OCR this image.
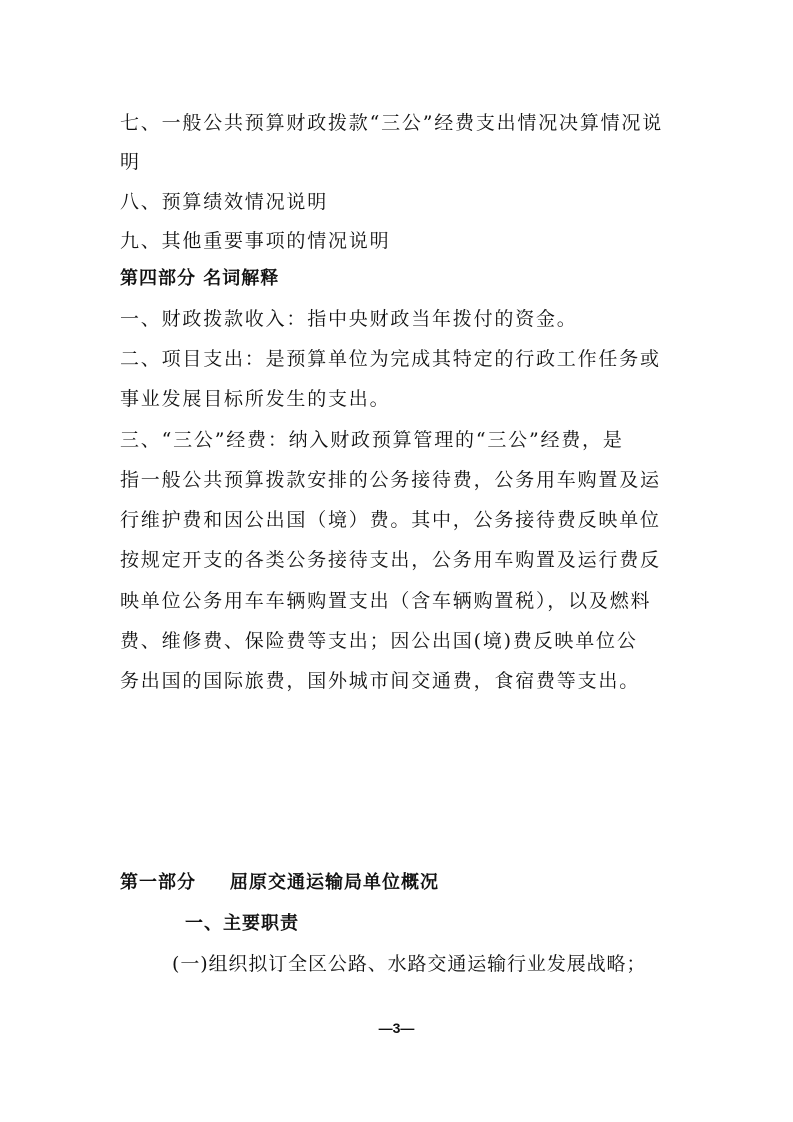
七、一般公共预算财政拨款“三公”经费支出情况决算情况说
明
八、预算绩效情况说明
九、其他重要事项的情况说明
第四部分 名词解释
一、财政拨款收入：指中央财政当年拨付的资金。
二、项目支出：是预算单位为完成其特定的行政工作任务或
事业发展目标所发生的支出。
三、“三公”经费：纳入财政预算管理的“三公”经费，是
指一般公共预算拨款安排的公务接待费，公务用车购置及运
行维护费和因公出国（境）费。其中，公务接待费反映单位
按规定开支的各类公务接待支出，公务用车购置及运行费反
映单位公务用车车辆购置支出（含车辆购置税），以及燃料
费、维修费、保险费等支出；因公出国(境)费反映单位公
务出国的国际旅费，国外城市间交通费，食宿费等支出。
第一部分 屈原交通运输局单位概况
一、主要职责
(一)组织拟订全区公路、水路交通运输行业发展战略；
—3—
